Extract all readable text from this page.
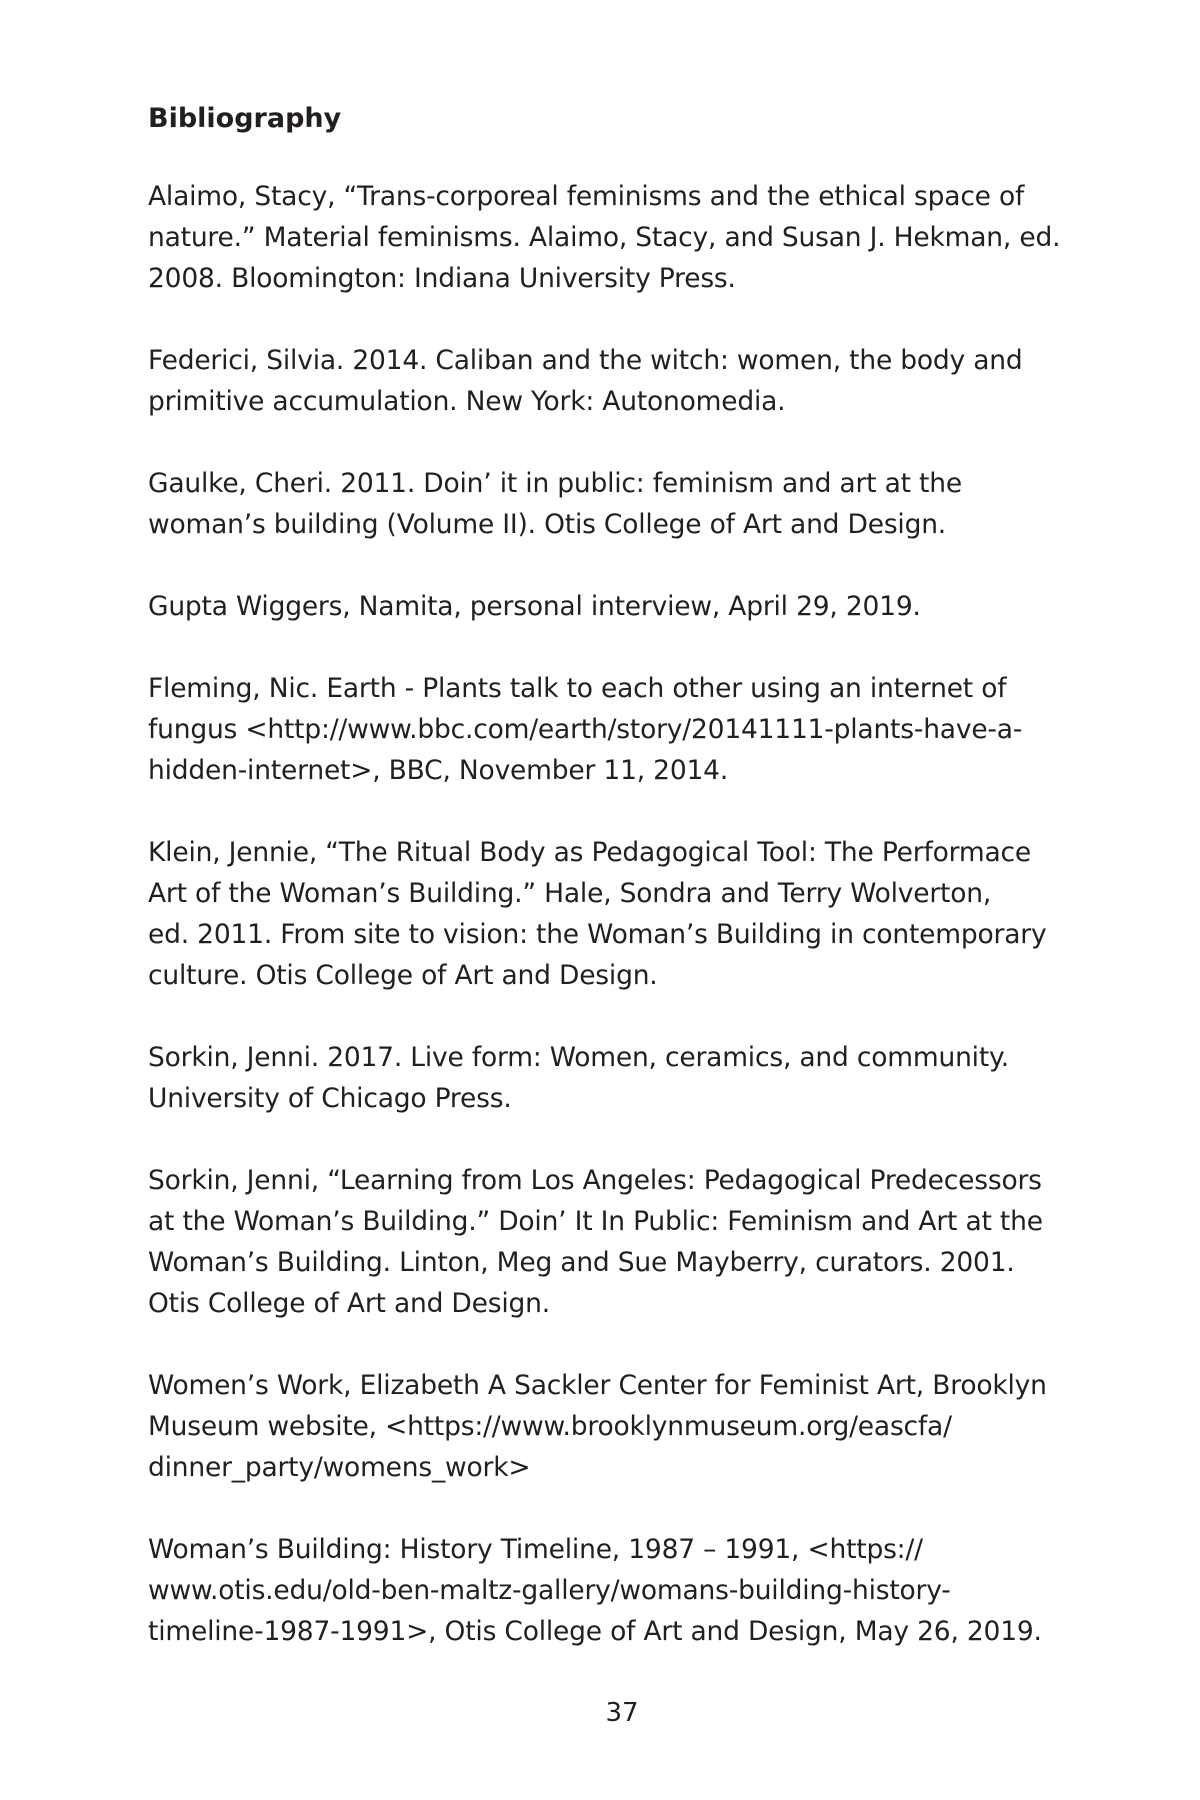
Bibliography
Alaimo, Stacy, “Trans-corporeal feminisms and the ethical space of
nature.” Material feminisms. Alaimo, Stacy, and Susan J. Hekman, ed.
2008. Bloomington: Indiana University Press.
Federici, Silvia. 2014. Caliban and the witch: women, the body and
primitive accumulation. New York: Autonomedia.
Gaulke, Cheri. 2011. Doin’ it in public: feminism and art at the
woman’s building (Volume II). Otis College of Art and Design.
Gupta Wiggers, Namita, personal interview, April 29, 2019.
Fleming, Nic. Earth - Plants talk to each other using an internet of
fungus <http://www.bbc.com/earth/story/20141111-plants-have-a-
hidden-internet>, BBC, November 11, 2014.
Klein, Jennie, “The Ritual Body as Pedagogical Tool: The Performace
Art of the Woman’s Building.” Hale, Sondra and Terry Wolverton,
ed. 2011. From site to vision: the Woman’s Building in contemporary
culture. Otis College of Art and Design.
Sorkin, Jenni. 2017. Live form: Women, ceramics, and community.
University of Chicago Press.
Sorkin, Jenni, “Learning from Los Angeles: Pedagogical Predecessors
at the Woman’s Building.” Doin’ It In Public: Feminism and Art at the
Woman’s Building. Linton, Meg and Sue Mayberry, curators. 2001.
Otis College of Art and Design.
Women’s Work, Elizabeth A Sackler Center for Feminist Art, Brooklyn
Museum website, <https://www.brooklynmuseum.org/eascfa/
dinner_party/womens_work>
Woman’s Building: History Timeline, 1987 – 1991, <https://
www.otis.edu/old-ben-maltz-gallery/womans-building-history-
timeline-1987-1991>, Otis College of Art and Design, May 26, 2019.
37
